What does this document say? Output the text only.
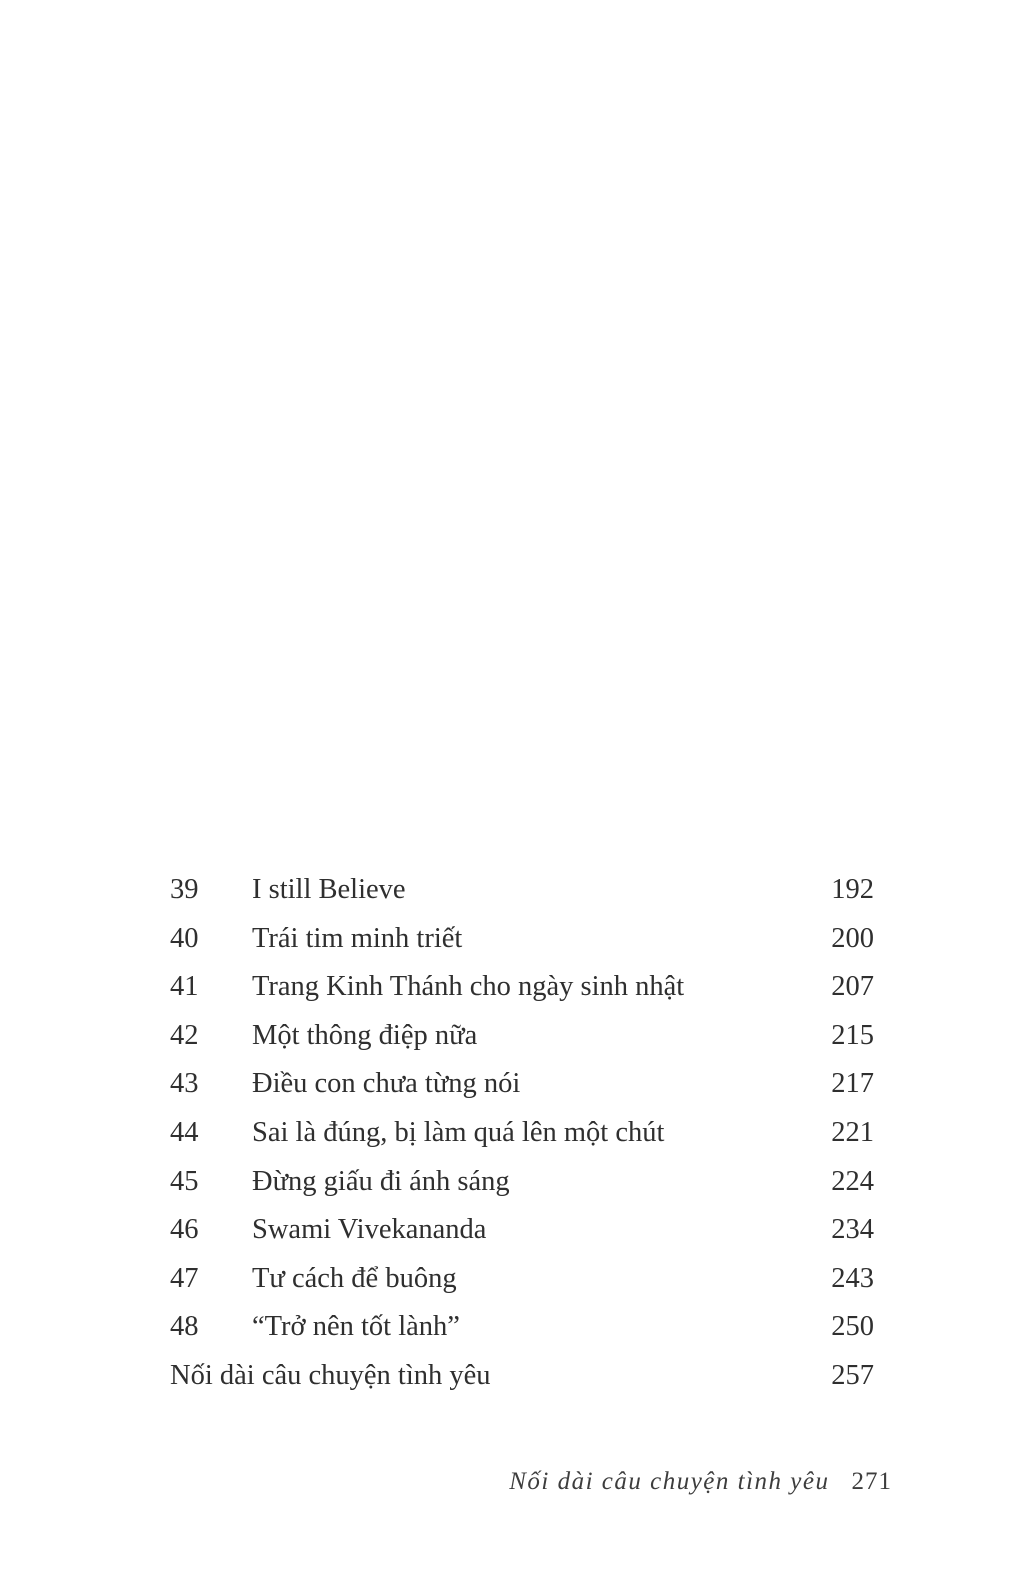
39	I still Believe	192
40	Trái tim minh triết	200
41	Trang Kinh Thánh cho ngày sinh nhật	207
42	Một thông điệp nữa	215
43	Điều con chưa từng nói	217
44	Sai là đúng, bị làm quá lên một chút	221
45	Đừng giấu đi ánh sáng	224
46	Swami Vivekananda	234
47	Tư cách để buông	243
48	“Trở nên tốt lành”	250
Nối dài câu chuyện tình yêu	257
Nối dài câu chuyện tình yêu 271
